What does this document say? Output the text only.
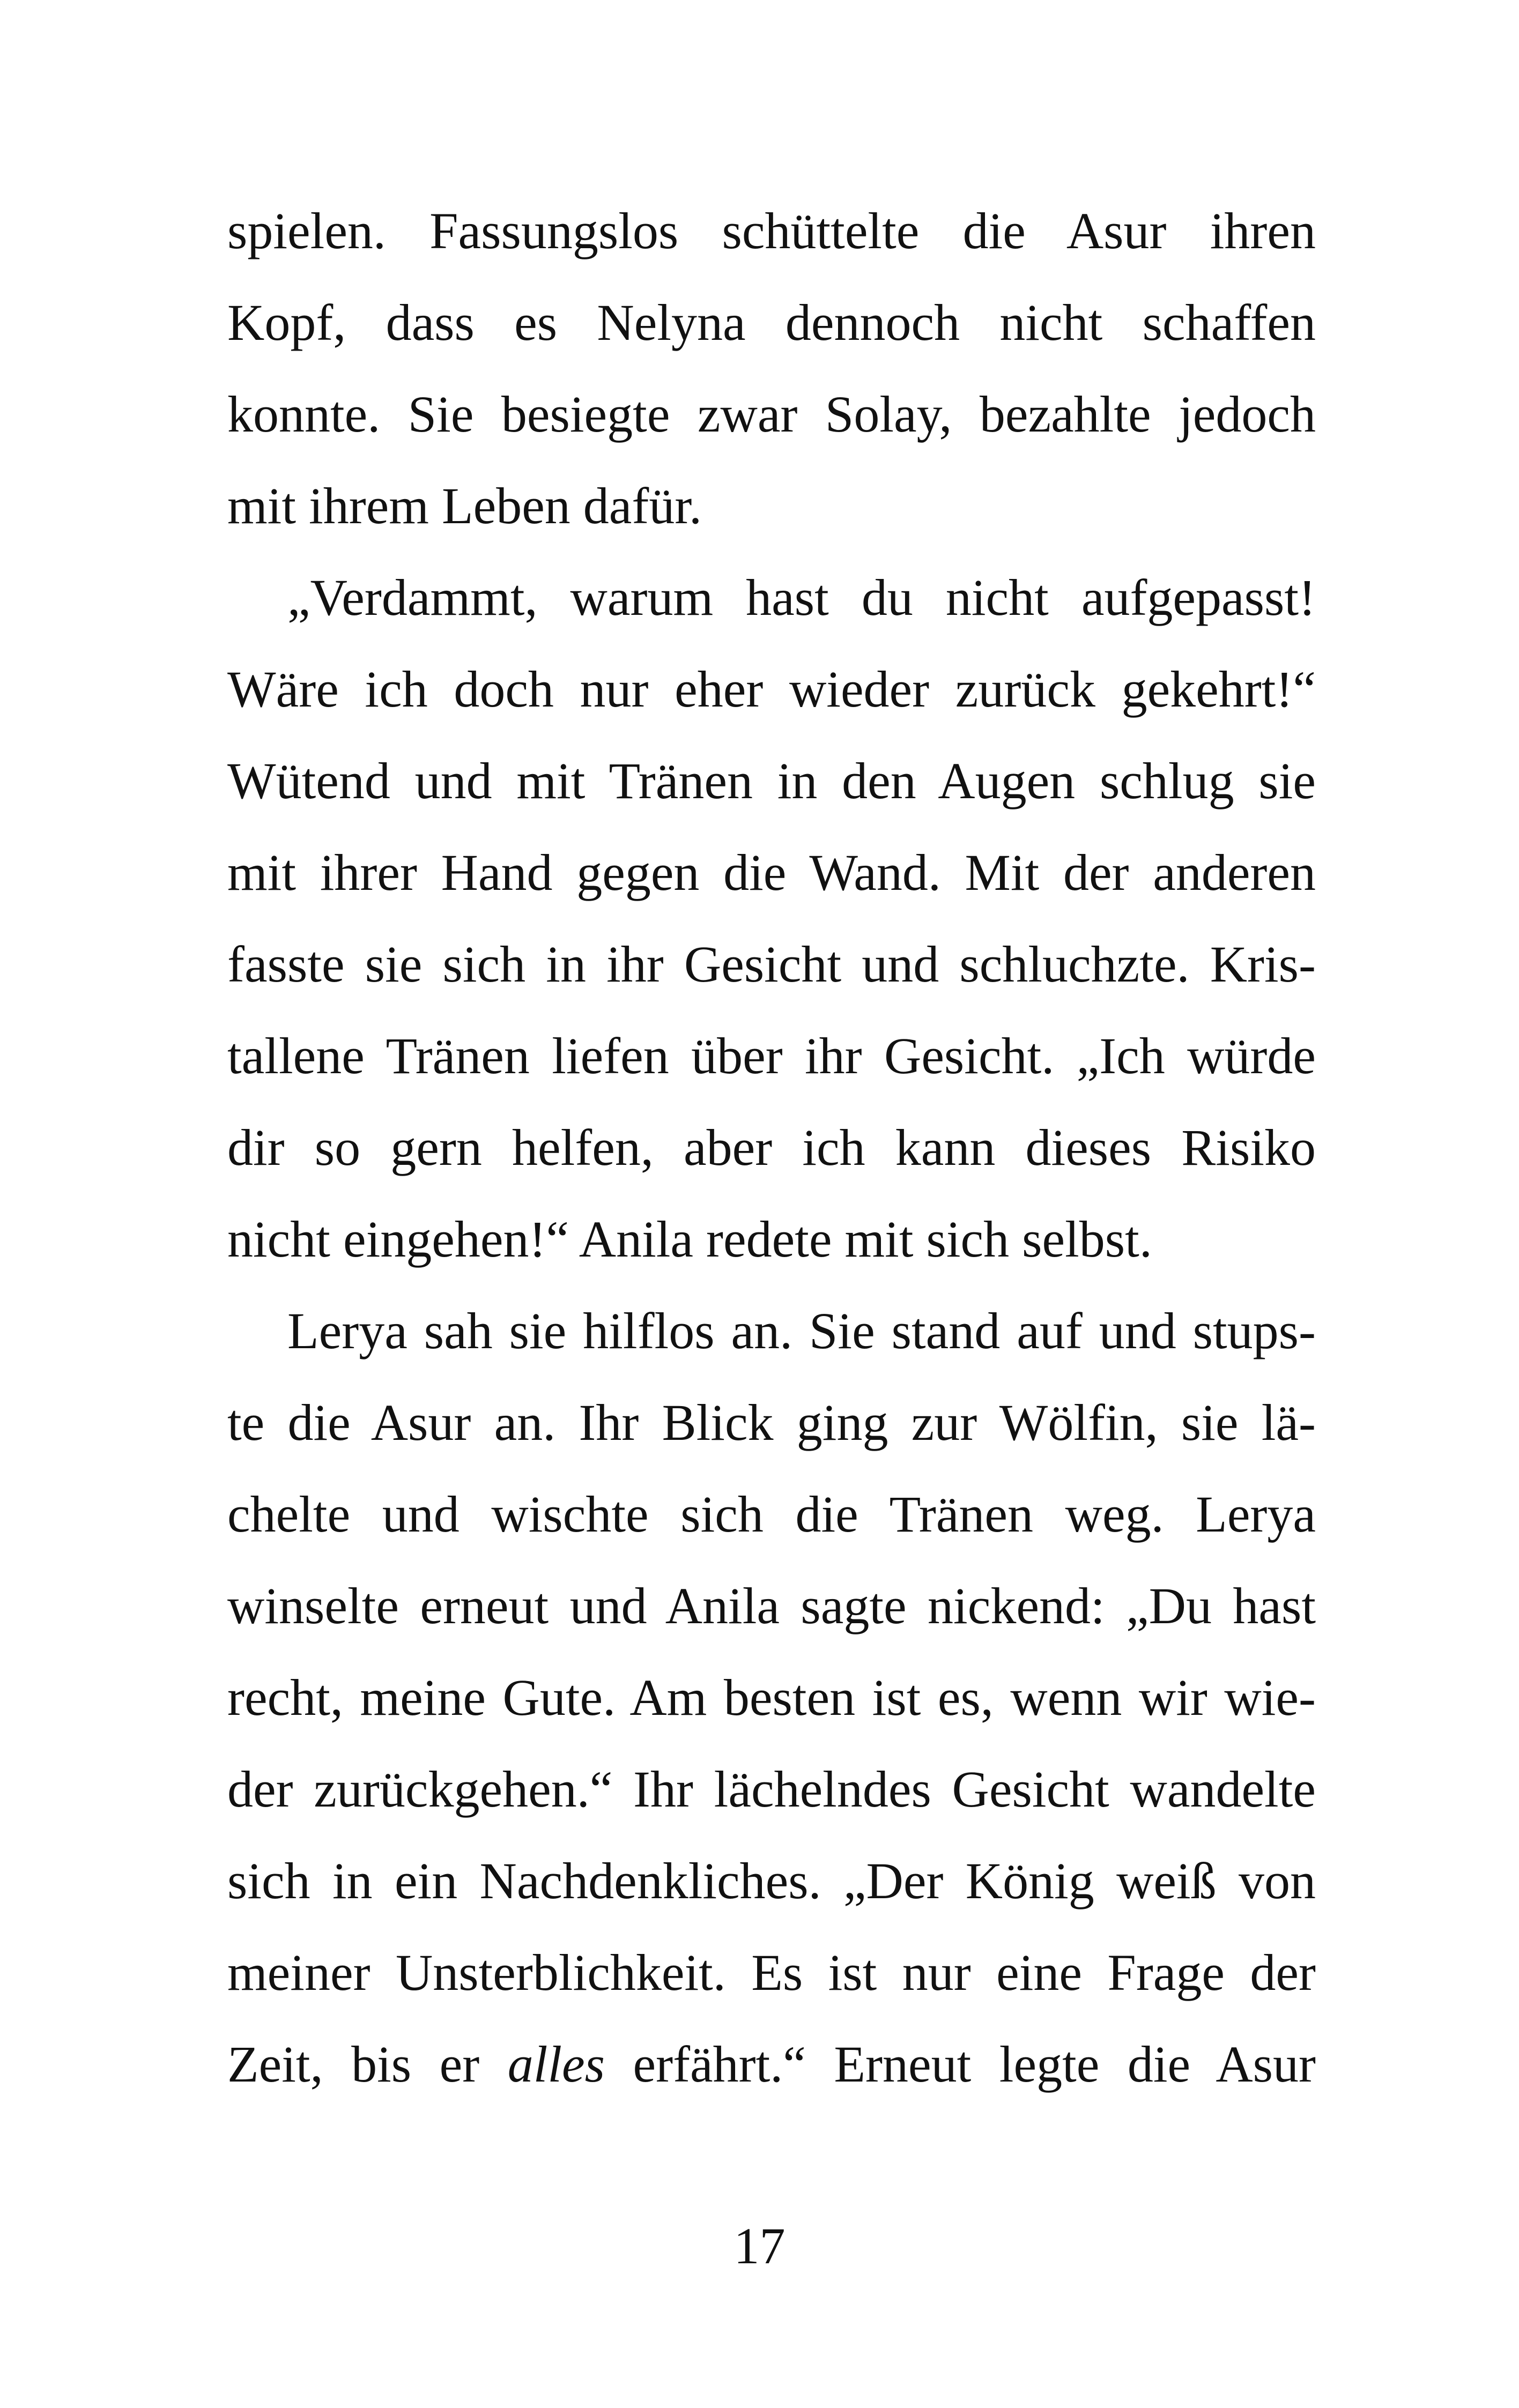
spielen. Fassungslos schüttelte die Asur ihren
Kopf, dass es Nelyna dennoch nicht schaffen
konnte. Sie besiegte zwar Solay, bezahlte jedoch
mit ihrem Leben dafür.
„Verdammt, warum hast du nicht aufgepasst!
Wäre ich doch nur eher wieder zurück gekehrt!“
Wütend und mit Tränen in den Augen schlug sie
mit ihrer Hand gegen die Wand. Mit der anderen
fasste sie sich in ihr Gesicht und schluchzte. Kris-
tallene Tränen liefen über ihr Gesicht. „Ich würde
dir so gern helfen, aber ich kann dieses Risiko
nicht eingehen!“ Anila redete mit sich selbst.
Lerya sah sie hilflos an. Sie stand auf und stups-
te die Asur an. Ihr Blick ging zur Wölfin, sie lä-
chelte und wischte sich die Tränen weg. Lerya
winselte erneut und Anila sagte nickend: „Du hast
recht, meine Gute. Am besten ist es, wenn wir wie-
der zurückgehen.“ Ihr lächelndes Gesicht wandelte
sich in ein Nachdenkliches. „Der König weiß von
meiner Unsterblichkeit. Es ist nur eine Frage der
Zeit, bis er alles erfährt.“ Erneut legte die Asur
17
